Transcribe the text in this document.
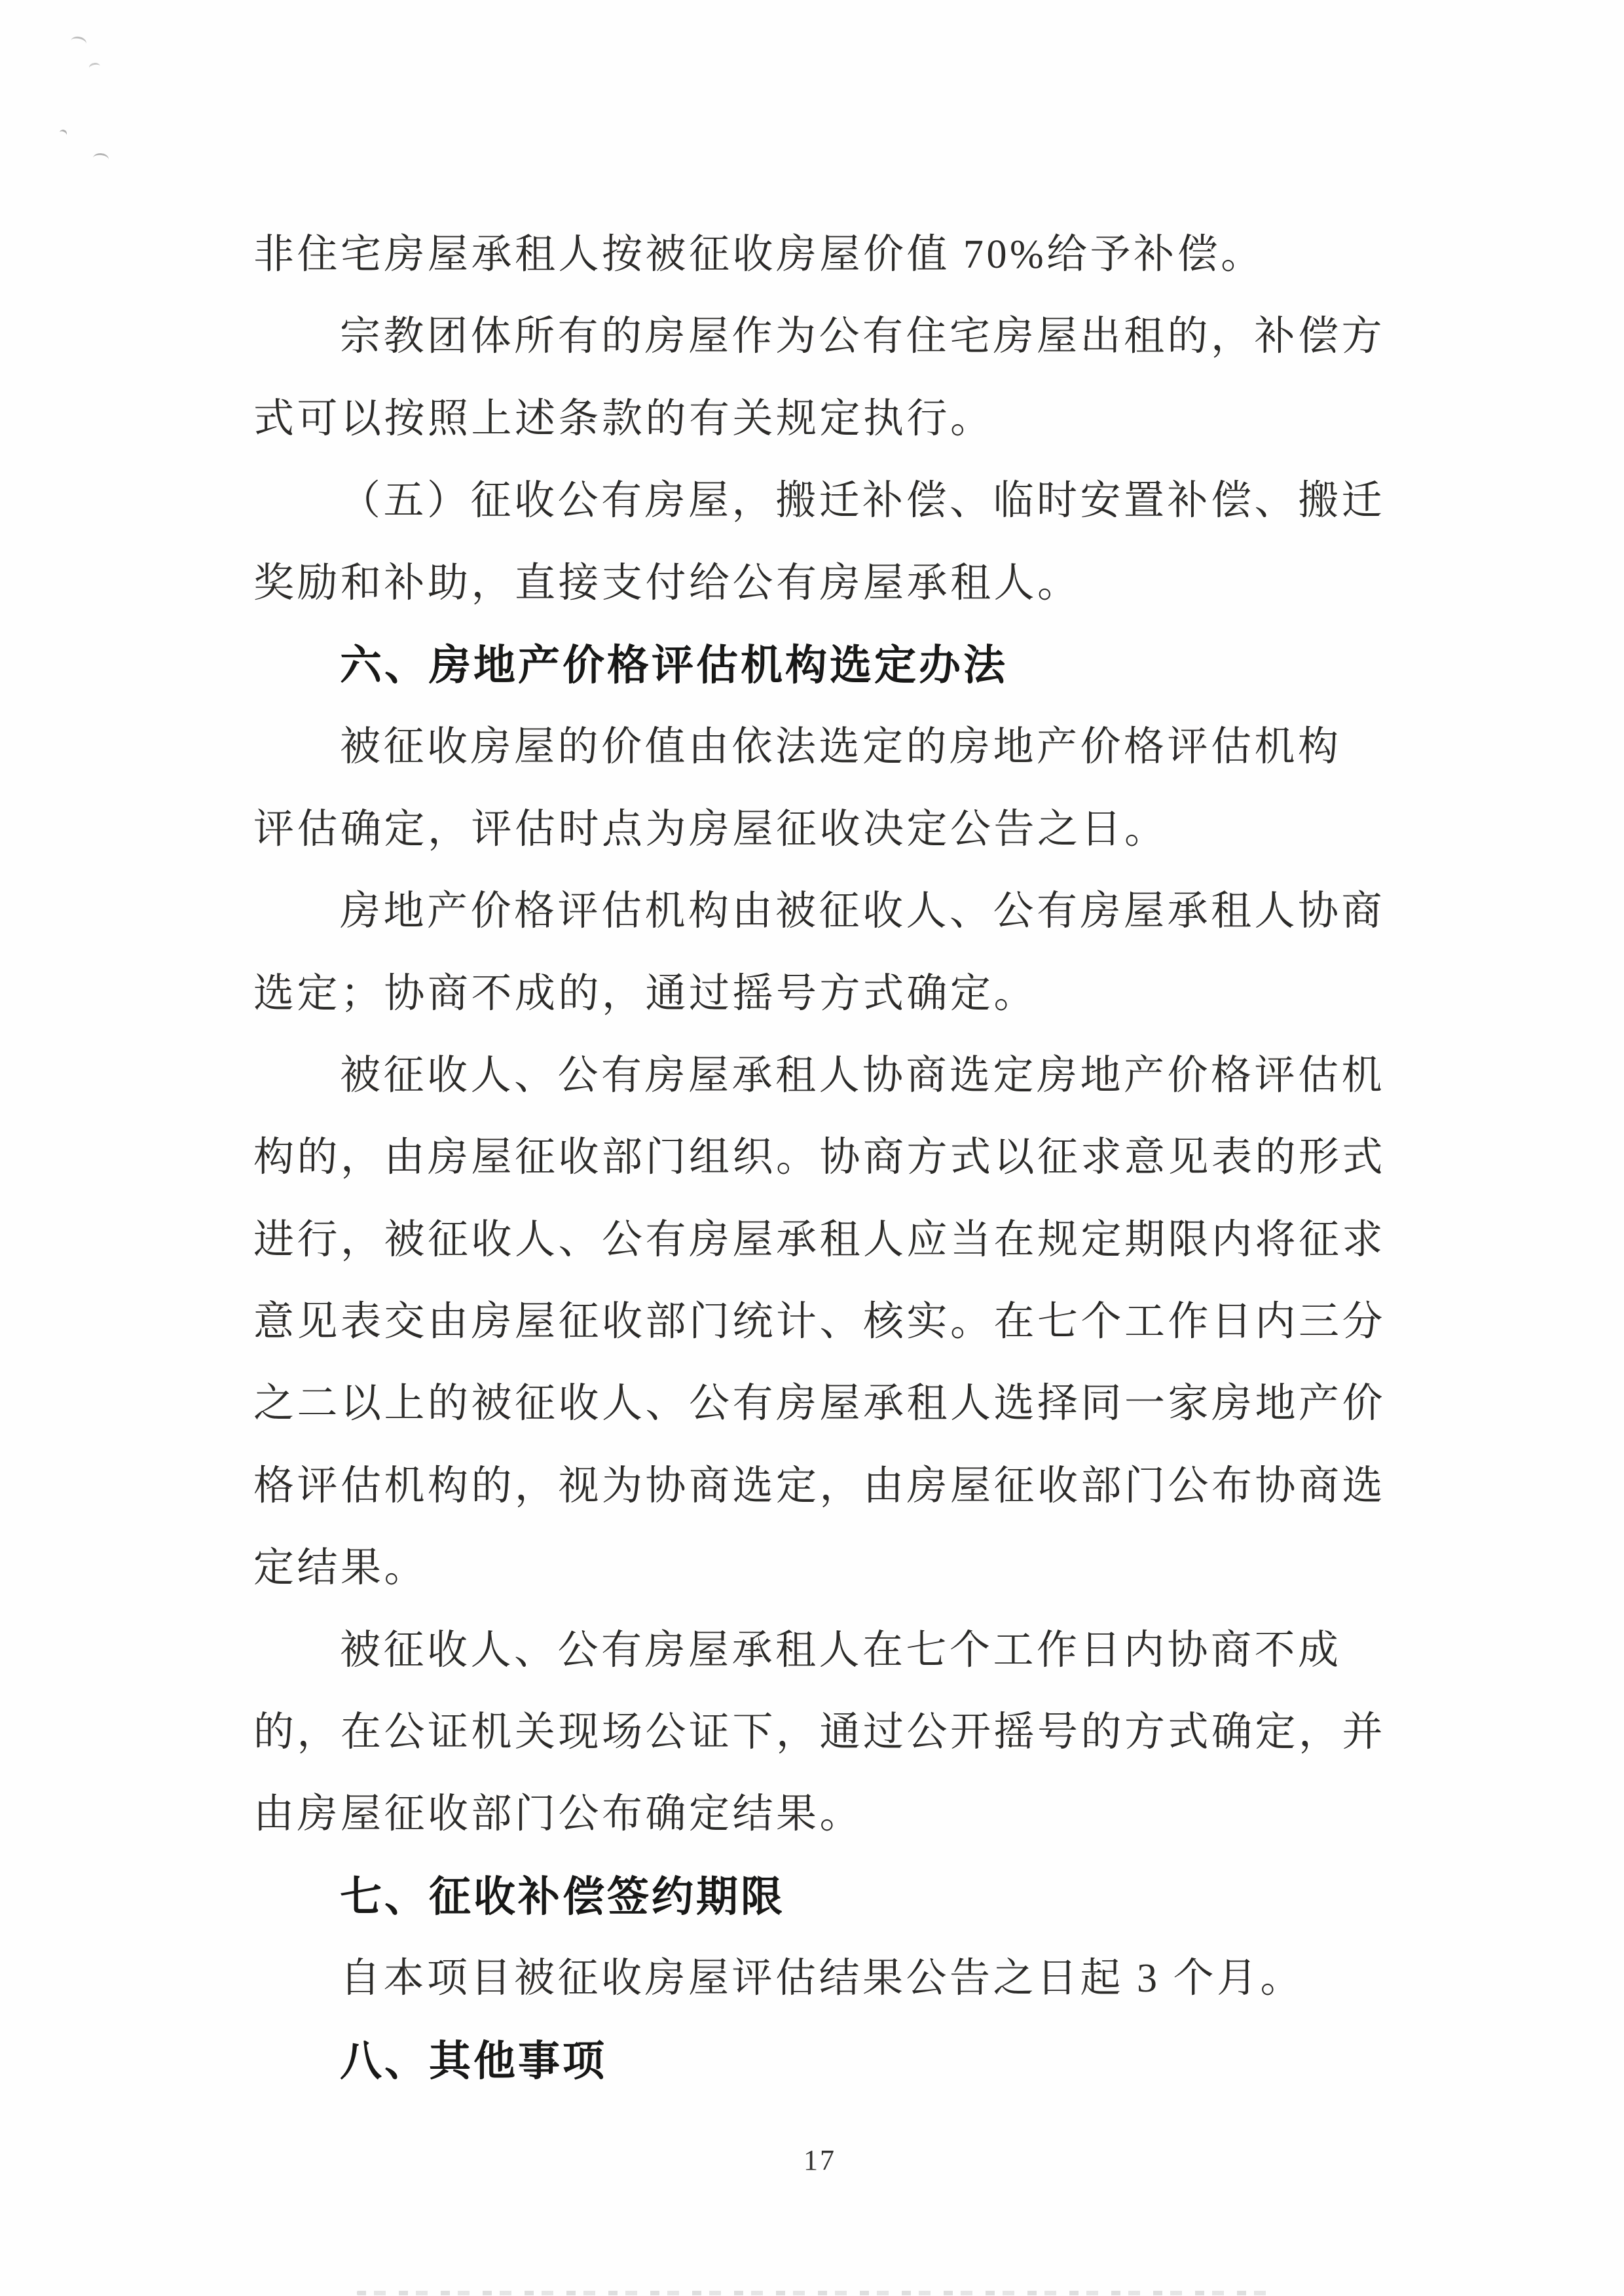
非住宅房屋承租人按被征收房屋价值 70%给予补偿。
宗教团体所有的房屋作为公有住宅房屋出租的，补偿方
式可以按照上述条款的有关规定执行。
（五）征收公有房屋，搬迁补偿、临时安置补偿、搬迁
奖励和补助，直接支付给公有房屋承租人。
六、房地产价格评估机构选定办法
被征收房屋的价值由依法选定的房地产价格评估机构
评估确定，评估时点为房屋征收决定公告之日。
房地产价格评估机构由被征收人、公有房屋承租人协商
选定；协商不成的，通过摇号方式确定。
被征收人、公有房屋承租人协商选定房地产价格评估机
构的，由房屋征收部门组织。协商方式以征求意见表的形式
进行，被征收人、公有房屋承租人应当在规定期限内将征求
意见表交由房屋征收部门统计、核实。在七个工作日内三分
之二以上的被征收人、公有房屋承租人选择同一家房地产价
格评估机构的，视为协商选定，由房屋征收部门公布协商选
定结果。
被征收人、公有房屋承租人在七个工作日内协商不成
的，在公证机关现场公证下，通过公开摇号的方式确定，并
由房屋征收部门公布确定结果。
七、征收补偿签约期限
自本项目被征收房屋评估结果公告之日起 3 个月。
八、其他事项
17
